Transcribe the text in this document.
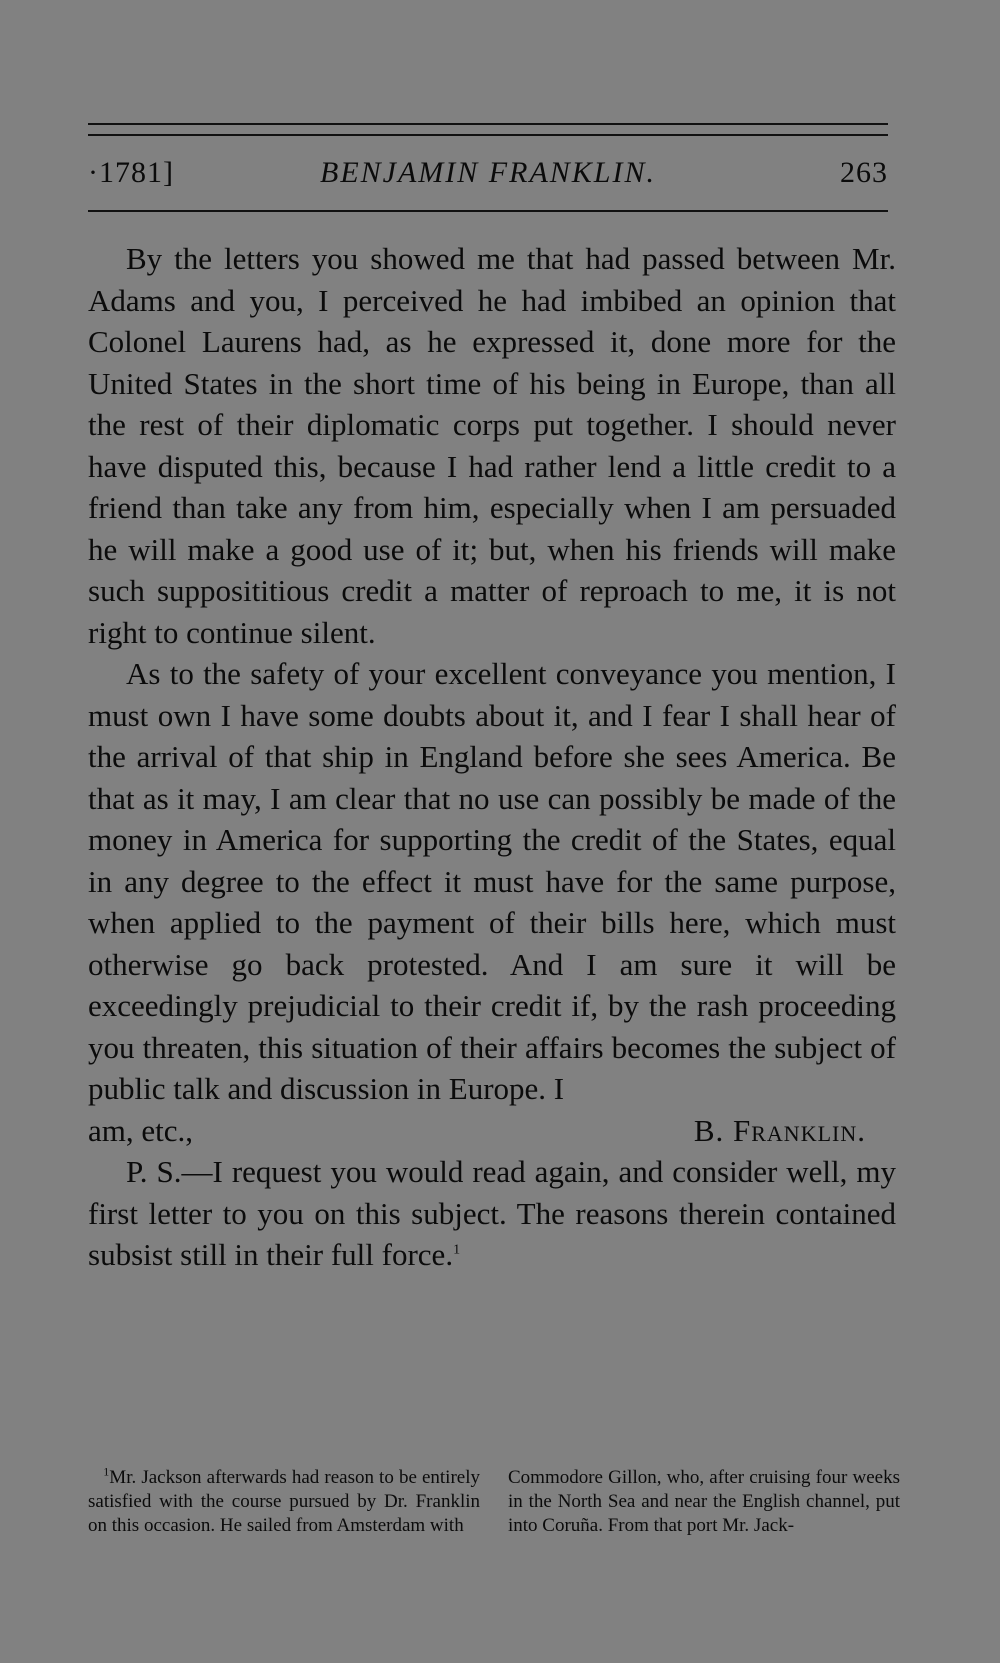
·1781]	BENJAMIN FRANKLIN.	263

By the letters you showed me that had passed between Mr. Adams and you, I perceived he had imbibed an opinion that Colonel Laurens had, as he expressed it, done more for the United States in the short time of his being in Europe, than all the rest of their diplomatic corps put together. I should never have disputed this, because I had rather lend a little credit to a friend than take any from him, especially when I am persuaded he will make a good use of it; but, when his friends will make such supposititious credit a matter of reproach to me, it is not right to continue silent.

As to the safety of your excellent conveyance you mention, I must own I have some doubts about it, and I fear I shall hear of the arrival of that ship in England before she sees America. Be that as it may, I am clear that no use can possibly be made of the money in America for supporting the credit of the States, equal in any degree to the effect it must have for the same purpose, when applied to the payment of their bills here, which must otherwise go back protested. And I am sure it will be exceedingly prejudicial to their credit if, by the rash proceeding you threaten, this situation of their affairs becomes the subject of public talk and discussion in Europe. I

am, etc.,	B. Franklin.

P. S.—I request you would read again, and consider well, my first letter to you on this subject. The reasons therein contained subsist still in their full force.$^1$

$^1$Mr. Jackson afterwards had reason to be entirely satisfied with the course pursued by Dr. Franklin on this occasion. He sailed from Amsterdam with
Commodore Gillon, who, after cruising four weeks in the North Sea and near the English channel, put into Coruña. From that port Mr. Jack-
